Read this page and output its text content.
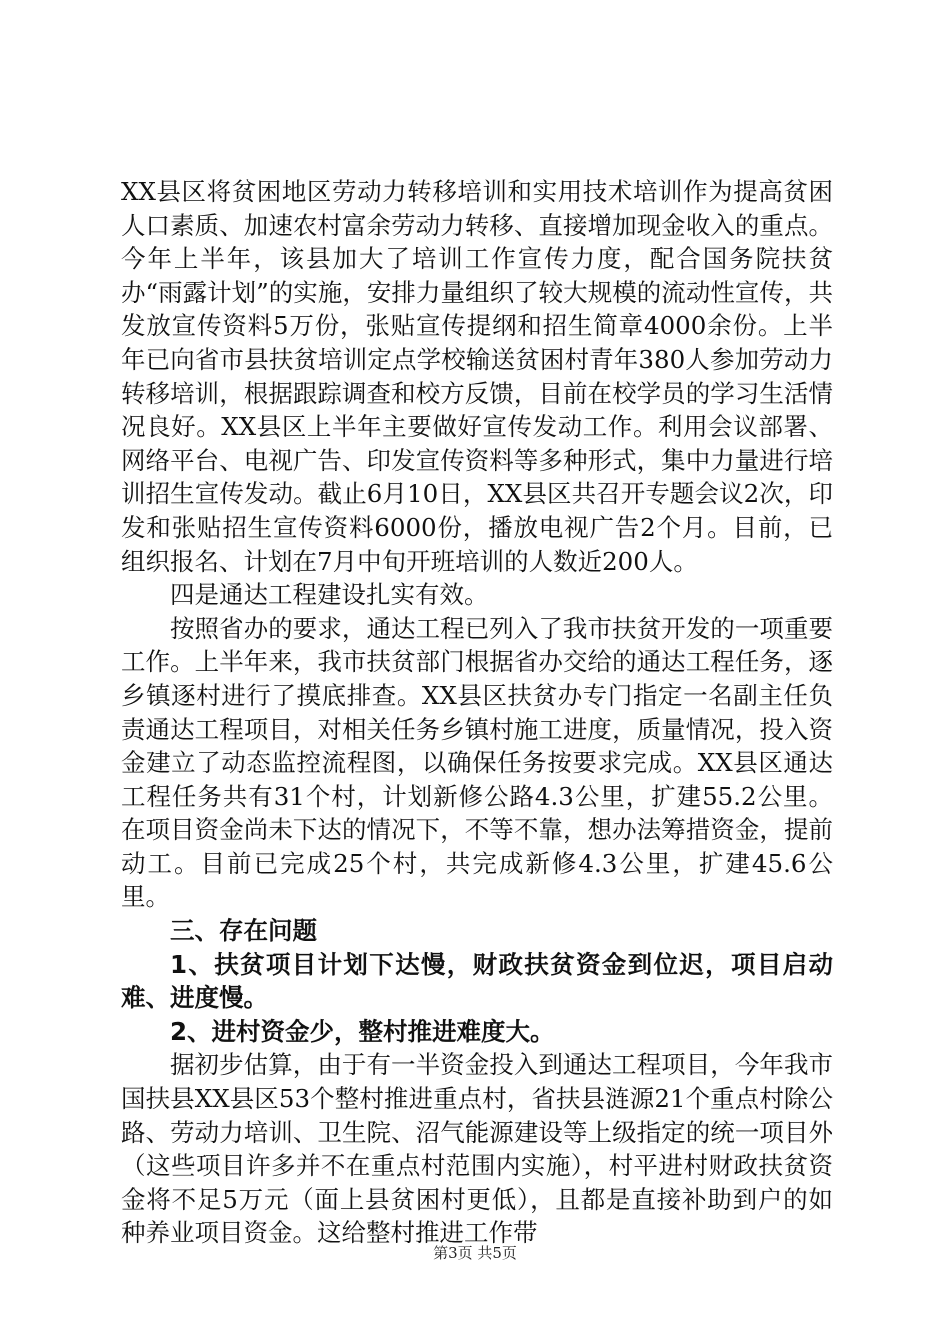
XX县区将贫困地区劳动力转移培训和实用技术培训作为提高贫困人口素质、加速农村富余劳动力转移、直接增加现金收入的重点。今年上半年，该县加大了培训工作宣传力度，配合国务院扶贫办“雨露计划”的实施，安排力量组织了较大规模的流动性宣传，共发放宣传资料5万份，张贴宣传提纲和招生简章4000余份。上半年已向省市县扶贫培训定点学校输送贫困村青年380人参加劳动力转移培训，根据跟踪调查和校方反馈，目前在校学员的学习生活情况良好。XX县区上半年主要做好宣传发动工作。利用会议部署、网络平台、电视广告、印发宣传资料等多种形式，集中力量进行培训招生宣传发动。截止6月10日，XX县区共召开专题会议2次，印发和张贴招生宣传资料6000份，播放电视广告2个月。目前，已组织报名、计划在7月中旬开班培训的人数近200人。

四是通达工程建设扎实有效。

按照省办的要求，通达工程已列入了我市扶贫开发的一项重要工作。上半年来，我市扶贫部门根据省办交给的通达工程任务，逐乡镇逐村进行了摸底排查。XX县区扶贫办专门指定一名副主任负责通达工程项目，对相关任务乡镇村施工进度，质量情况，投入资金建立了动态监控流程图，以确保任务按要求完成。XX县区通达工程任务共有31个村，计划新修公路4.3公里，扩建55.2公里。在项目资金尚未下达的情况下，不等不靠，想办法筹措资金，提前动工。目前已完成25个村，共完成新修4.3公里，扩建45.6公里。

三、存在问题

1、扶贫项目计划下达慢，财政扶贫资金到位迟，项目启动难、进度慢。

2、进村资金少，整村推进难度大。

据初步估算，由于有一半资金投入到通达工程项目，今年我市国扶县XX县区53个整村推进重点村，省扶县涟源21个重点村除公路、劳动力培训、卫生院、沼气能源建设等上级指定的统一项目外（这些项目许多并不在重点村范围内实施），村平进村财政扶贫资金将不足5万元（面上县贫困村更低），且都是直接补助到户的如种养业项目资金。这给整村推进工作带

第3页 共5页
